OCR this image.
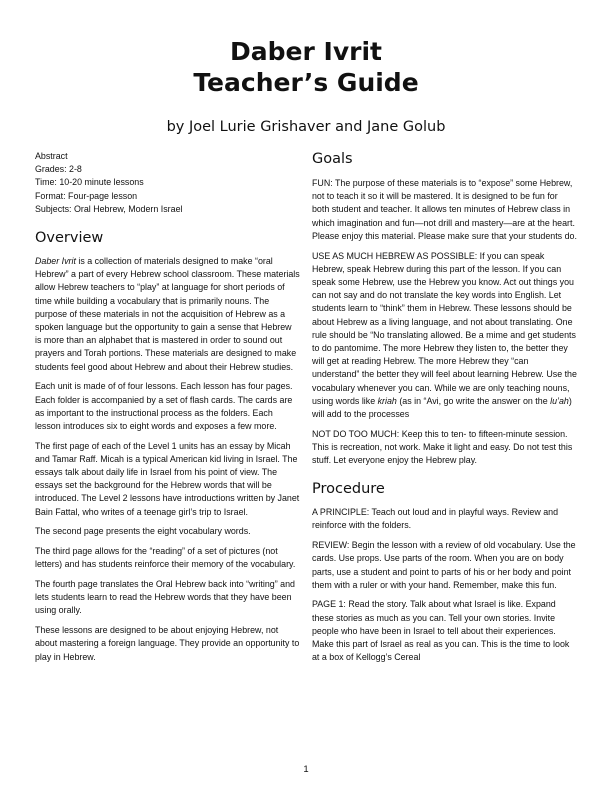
Daber Ivrit
Teacher’s Guide
by Joel Lurie Grishaver and Jane Golub
Abstract
Grades: 2-8
Time: 10-20 minute lessons
Format: Four-page lesson
Subjects: Oral Hebrew, Modern Israel
Overview

Daber Ivrit is a collection of materials designed to make “oral Hebrew” a part of every Hebrew school classroom. These materials allow Hebrew teachers to “play” at language for short periods of time while building a vocabulary that is primarily nouns. The purpose of these materials in not the acquisition of Hebrew as a spoken language but the opportunity to gain a sense that Hebrew is more than an alphabet that is mastered in order to sound out prayers and Torah portions. These materials are designed to make students feel good about Hebrew and about their Hebrew studies.

Each unit is made of of four lessons. Each lesson has four pages. Each folder is accompanied by a set of flash cards. The cards are as important to the instructional process as the folders. Each lesson introduces six to eight words and exposes a few more.

The first page of each of the Level 1 units has an essay by Micah and Tamar Raff. Micah is a typical American kid living in Israel. The essays talk about daily life in Israel from his point of view. The essays set the background for the Hebrew words that will be introduced. The Level 2 lessons have introductions written by Janet Bain Fattal, who writes of a teenage girl’s trip to Israel.

The second page presents the eight vocabulary words.

The third page allows for the “reading” of a set of pictures (not letters) and has students reinforce their memory of the vocabulary.

The fourth page translates the Oral Hebrew back into “writing” and lets students learn to read the Hebrew words that they have been using orally.

These lessons are designed to be about enjoying Hebrew, not about mastering a foreign language. They provide an opportunity to play in Hebrew.

Goals

FUN: The purpose of these materials is to “expose” some Hebrew, not to teach it so it will be mastered. It is designed to be fun for both student and teacher. It allows ten minutes of Hebrew class in which imagination and fun—not drill and mastery—are at the heart. Please enjoy this material. Please make sure that your students do.

USE AS MUCH HEBREW AS POSSIBLE: If you can speak Hebrew, speak Hebrew during this part of the lesson. If you can speak some Hebrew, use the Hebrew you know. Act out things you can not say and do not translate the key words into English. Let students learn to “think” them in Hebrew. These lessons should be about Hebrew as a living language, and not about translating. One rule should be “No translating allowed. Be a mime and get students to do pantomime. The more Hebrew they listen to, the better they will get at reading Hebrew. The more Hebrew they “can understand” the better they will feel about learning Hebrew. Use the vocabulary whenever you can. While we are only teaching nouns, using words like kriah (as in “Avi, go write the answer on the lu’ah) will add to the processes

NOT DO TOO MUCH: Keep this to ten- to fifteen-minute session. This is recreation, not work. Make it light and easy. Do not test this stuff. Let everyone enjoy the Hebrew play.

Procedure

A PRINCIPLE: Teach out loud and in playful ways. Review and reinforce with the folders.

REVIEW: Begin the lesson with a review of old vocabulary. Use the cards. Use props. Use parts of the room. When you are on body parts, use a student and point to parts of his or her body and point them with a ruler or with your hand. Remember, make this fun.

PAGE 1: Read the story. Talk about what Israel is like. Expand these stories as much as you can. Tell your own stories. Invite people who have been in Israel to tell about their experiences. Make this part of Israel as real as you can. This is the time to look at a box of Kellogg’s Cereal

1
